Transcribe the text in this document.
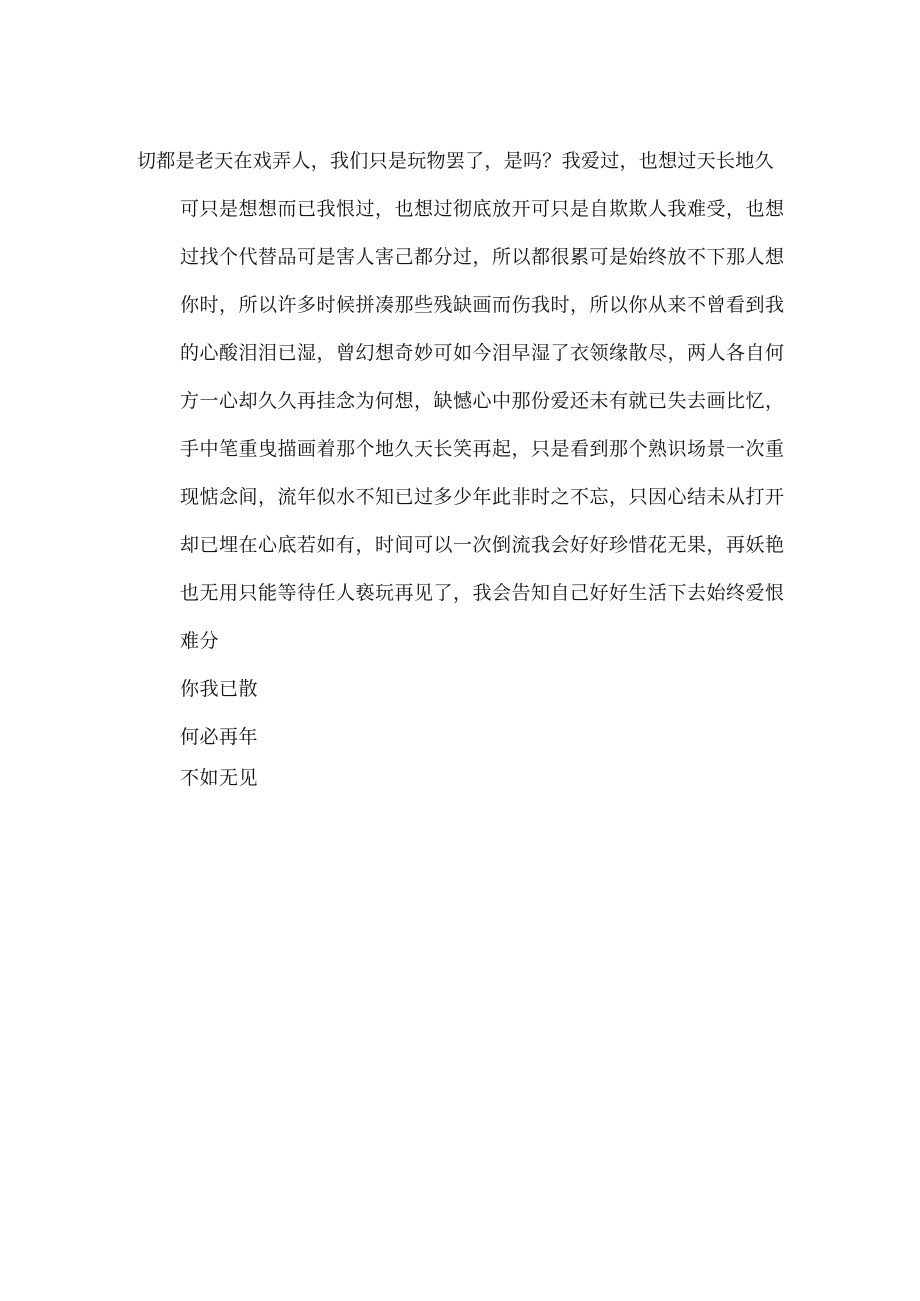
切都是老天在戏弄人，我们只是玩物罢了，是吗？我爱过，也想过天长地久
可只是想想而已我恨过，也想过彻底放开可只是自欺欺人我难受，也想
过找个代替品可是害人害己都分过，所以都很累可是始终放不下那人想
你时，所以许多时候拼凑那些残缺画而伤我时，所以你从来不曾看到我
的心酸泪泪已湿，曾幻想奇妙可如今泪早湿了衣领缘散尽，两人各自何
方一心却久久再挂念为何想，缺憾心中那份爱还未有就已失去画比忆，
手中笔重曳描画着那个地久天长笑再起，只是看到那个熟识场景一次重
现惦念间，流年似水不知已过多少年此非时之不忘，只因心结未从打开
却已埋在心底若如有，时间可以一次倒流我会好好珍惜花无果，再妖艳
也无用只能等待任人亵玩再见了，我会告知自己好好生活下去始终爱恨
难分
你我已散
何必再年
不如无见
